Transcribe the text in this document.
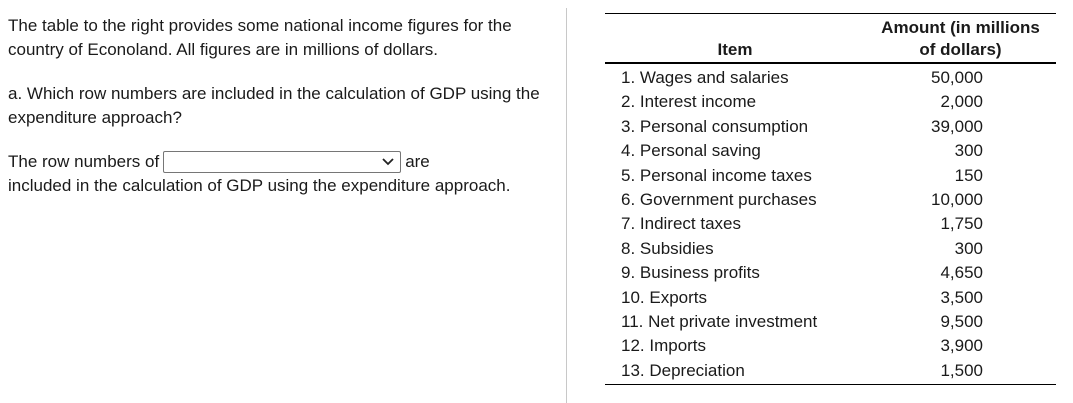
The table to the right provides some national income figures for the country of Econoland. All figures are in millions of dollars.

a. Which row numbers are included in the calculation of GDP using the expenditure approach?

The row numbers of	are

included in the calculation of GDP using the expenditure approach.

Item
Amount (in millions
of dollars)
1. Wages and salaries	50,000
2. Interest income	2,000
3. Personal consumption	39,000
4. Personal saving	300
5. Personal income taxes	150
6. Government purchases	10,000
7. Indirect taxes	1,750
8. Subsidies	300
9. Business profits	4,650
10. Exports	3,500
11. Net private investment	9,500
12. Imports	3,900
13. Depreciation	1,500
